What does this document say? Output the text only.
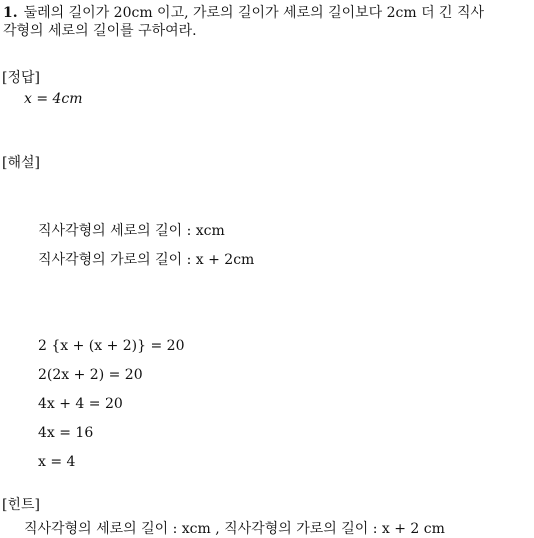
1. 둘레의 길이가 20cm 이고, 가로의 길이가 세로의 길이보다 2cm 더 긴 직사
각형의 세로의 길이를 구하여라.
[정답]
x = 4cm
[해설]
직사각형의 세로의 길이 : xcm
직사각형의 가로의 길이 : x + 2cm
2 {x + (x + 2)} = 20
2(2x + 2) = 20
4x + 4 = 20
4x = 16
x = 4
[힌트]
직사각형의 세로의 길이 : xcm , 직사각형의 가로의 길이 : x + 2 cm
